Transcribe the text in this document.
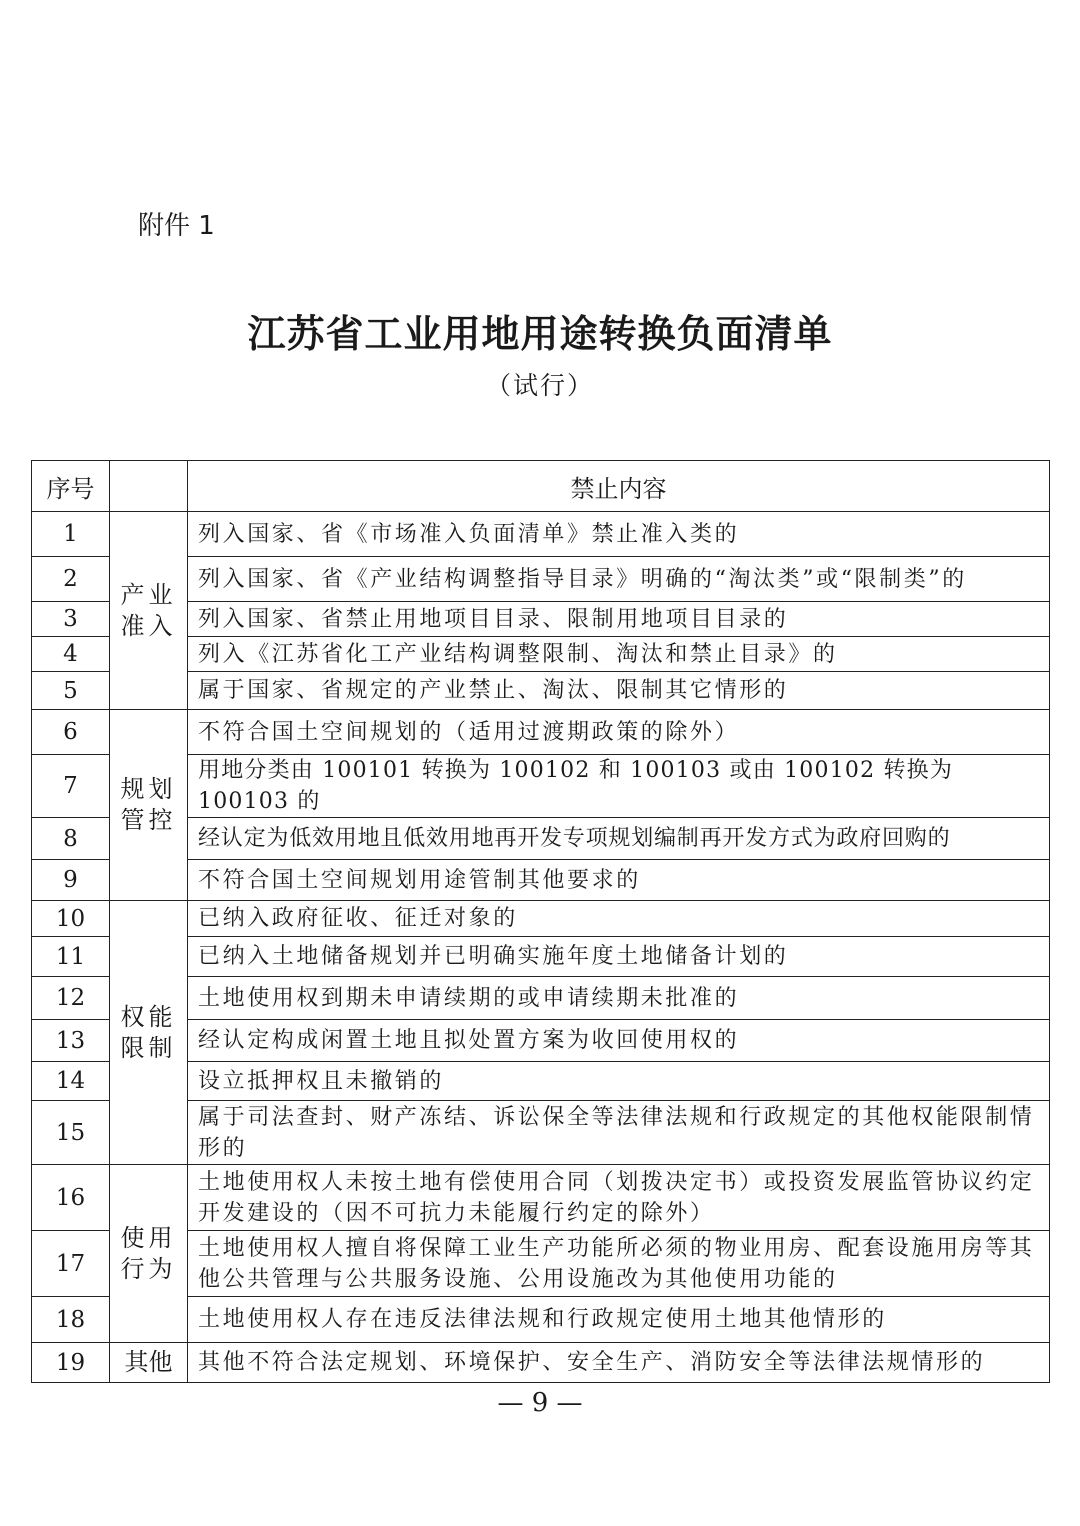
附件 1
江苏省工业用地用途转换负面清单
（试行）
序号		禁止内容
1	产业准入	列入国家、省《市场准入负面清单》禁止准入类的
2		列入国家、省《产业结构调整指导目录》明确的“淘汰类”或“限制类”的
3		列入国家、省禁止用地项目目录、限制用地项目目录的
4		列入《江苏省化工产业结构调整限制、淘汰和禁止目录》的
5		属于国家、省规定的产业禁止、淘汰、限制其它情形的
6	规划管控	不符合国土空间规划的（适用过渡期政策的除外）
7		用地分类由 100101 转换为 100102 和 100103 或由 100102 转换为 100103 的
8		经认定为低效用地且低效用地再开发专项规划编制再开发方式为政府回购的
9		不符合国土空间规划用途管制其他要求的
10	权能限制	已纳入政府征收、征迁对象的
11		已纳入土地储备规划并已明确实施年度土地储备计划的
12		土地使用权到期未申请续期的或申请续期未批准的
13		经认定构成闲置土地且拟处置方案为收回使用权的
14		设立抵押权且未撤销的
15		属于司法查封、财产冻结、诉讼保全等法律法规和行政规定的其他权能限制情形的
16	使用行为	土地使用权人未按土地有偿使用合同（划拨决定书）或投资发展监管协议约定开发建设的（因不可抗力未能履行约定的除外）
17		土地使用权人擅自将保障工业生产功能所必须的物业用房、配套设施用房等其他公共管理与公共服务设施、公用设施改为其他使用功能的
18		土地使用权人存在违反法律法规和行政规定使用土地其他情形的
19	其他	其他不符合法定规划、环境保护、安全生产、消防安全等法律法规情形的
— 9 —
